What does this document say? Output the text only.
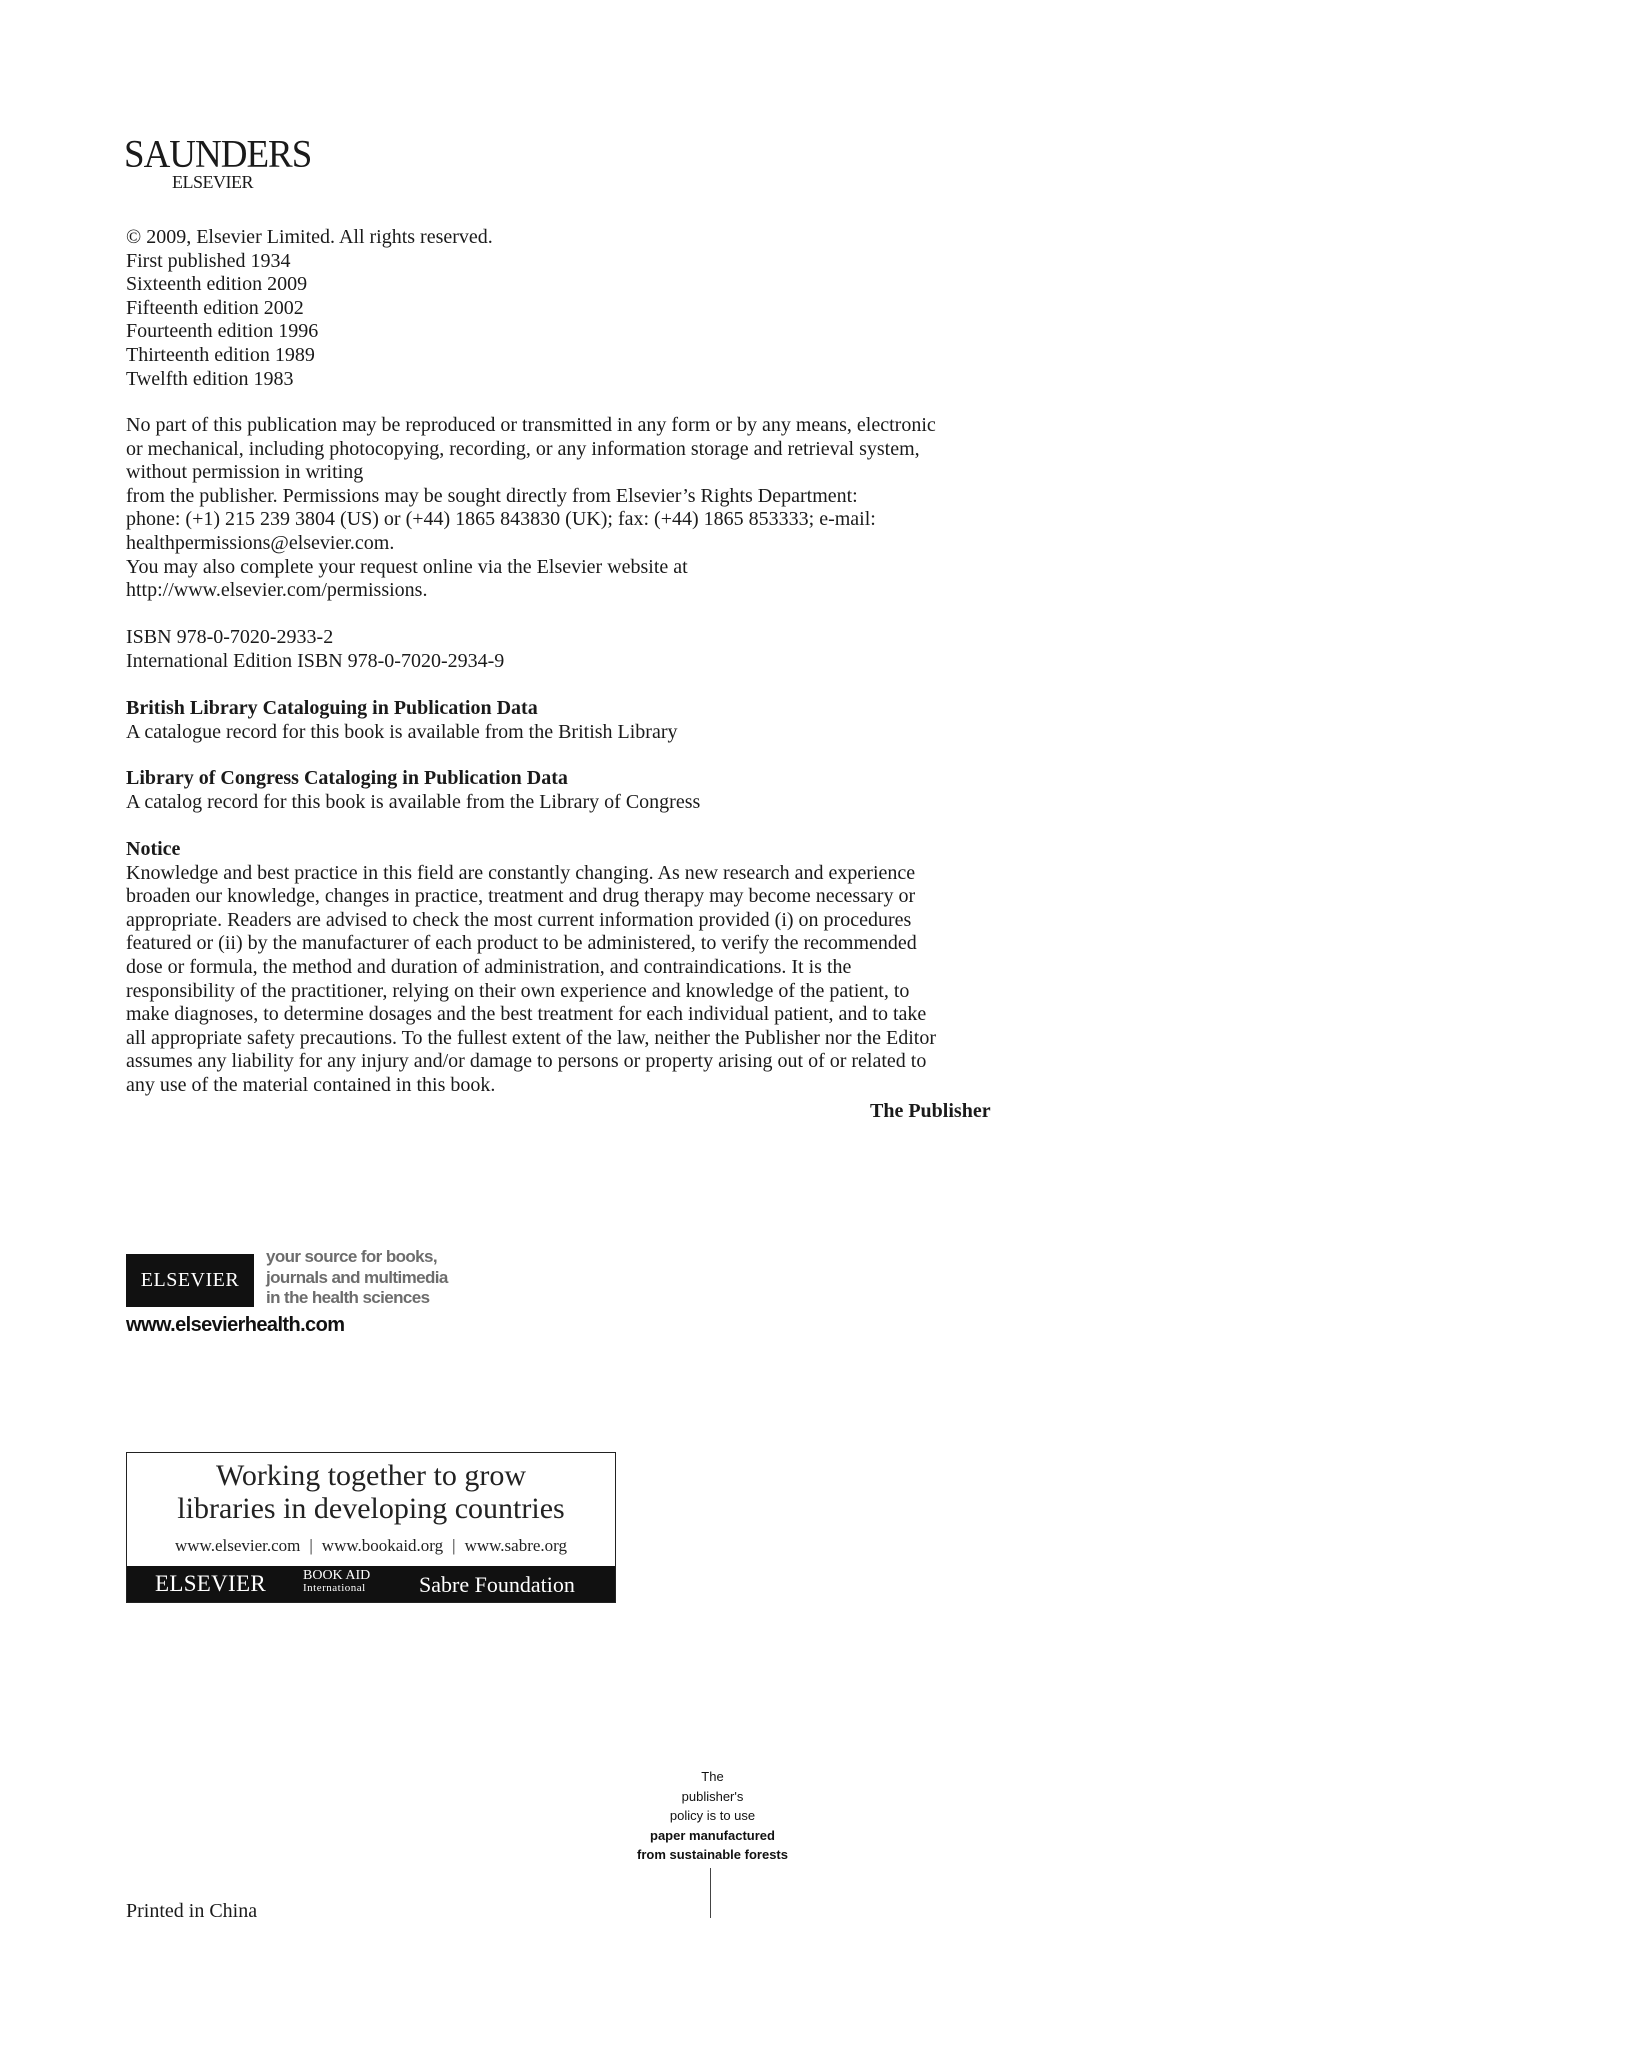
SAUNDERS
ELSEVIER
© 2009, Elsevier Limited. All rights reserved.
First published 1934
Sixteenth edition 2009
Fifteenth edition 2002
Fourteenth edition 1996
Thirteenth edition 1989
Twelfth edition 1983
No part of this publication may be reproduced or transmitted in any form or by any means, electronic
or mechanical, including photocopying, recording, or any information storage and retrieval system,
without permission in writing
from the publisher. Permissions may be sought directly from Elsevier’s Rights Department:
phone: (+1) 215 239 3804 (US) or (+44) 1865 843830 (UK); fax: (+44) 1865 853333; e-mail:
healthpermissions@elsevier.com.
You may also complete your request online via the Elsevier website at
http://www.elsevier.com/permissions.
ISBN 978-0-7020-2933-2
International Edition ISBN 978-0-7020-2934-9
British Library Cataloguing in Publication Data
A catalogue record for this book is available from the British Library
Library of Congress Cataloging in Publication Data
A catalog record for this book is available from the Library of Congress
Notice
Knowledge and best practice in this field are constantly changing. As new research and experience
broaden our knowledge, changes in practice, treatment and drug therapy may become necessary or
appropriate. Readers are advised to check the most current information provided (i) on procedures
featured or (ii) by the manufacturer of each product to be administered, to verify the recommended
dose or formula, the method and duration of administration, and contraindications. It is the
responsibility of the practitioner, relying on their own experience and knowledge of the patient, to
make diagnoses, to determine dosages and the best treatment for each individual patient, and to take
all appropriate safety precautions. To the fullest extent of the law, neither the Publisher nor the Editor
assumes any liability for any injury and/or damage to persons or property arising out of or related to
any use of the material contained in this book.
The Publisher
ELSEVIER
your source for books,
journals and multimedia
in the health sciences
www.elsevierhealth.com
Working together to grow
libraries in developing countries
www.elsevier.com | www.bookaid.org | www.sabre.org
ELSEVIER	BOOK AID
International Sabre Foundation
The
publisher's
policy is to use
paper manufactured
from sustainable forests
Printed in China
